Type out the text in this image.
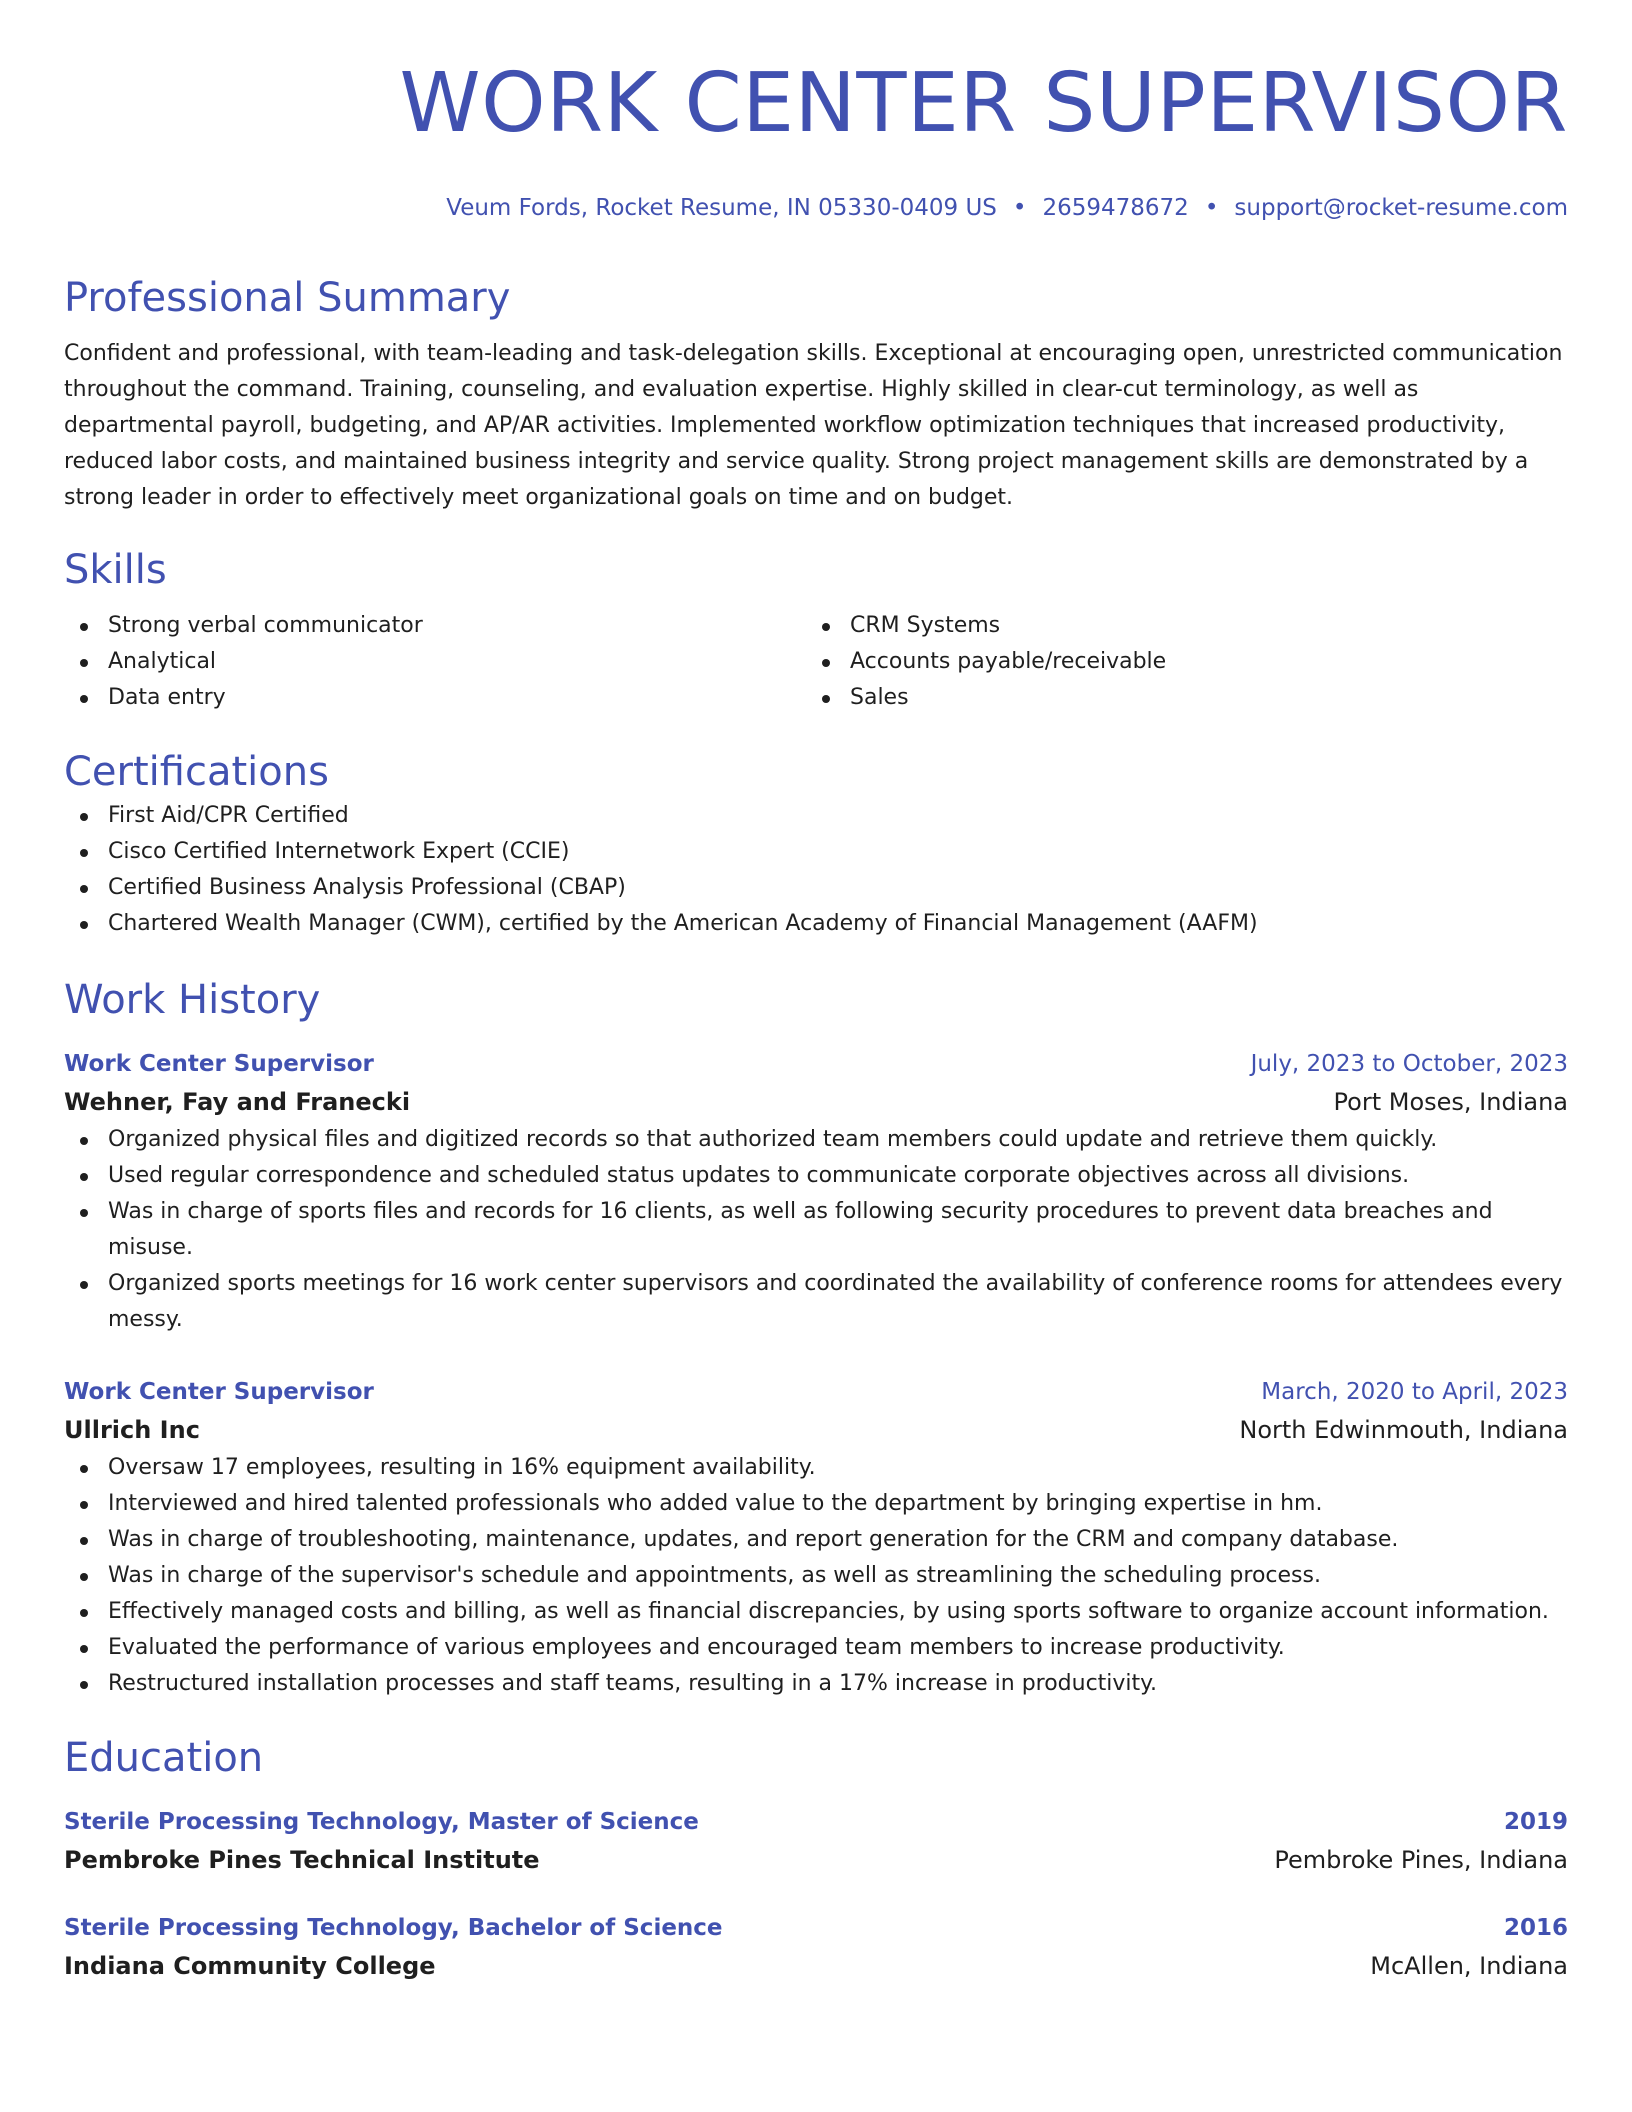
WORK CENTER SUPERVISOR
Veum Fords, Rocket Resume, IN 05330-0409 US • 2659478672 • support@rocket-resume.com
Professional Summary
Confident and professional, with team-leading and task-delegation skills. Exceptional at encouraging open, unrestricted communication throughout the command. Training, counseling, and evaluation expertise. Highly skilled in clear-cut terminology, as well as departmental payroll, budgeting, and AP/AR activities. Implemented workflow optimization techniques that increased productivity, reduced labor costs, and maintained business integrity and service quality. Strong project management skills are demonstrated by a strong leader in order to effectively meet organizational goals on time and on budget.
Skills
Strong verbal communicator
Analytical
Data entry
CRM Systems
Accounts payable/receivable
Sales
Certifications
First Aid/CPR Certified
Cisco Certified Internetwork Expert (CCIE)
Certified Business Analysis Professional (CBAP)
Chartered Wealth Manager (CWM), certified by the American Academy of Financial Management (AAFM)
Work History
Work Center Supervisor	July, 2023 to October, 2023
Wehner, Fay and Franecki	Port Moses, Indiana
Organized physical files and digitized records so that authorized team members could update and retrieve them quickly.
Used regular correspondence and scheduled status updates to communicate corporate objectives across all divisions.
Was in charge of sports files and records for 16 clients, as well as following security procedures to prevent data breaches and misuse.
Organized sports meetings for 16 work center supervisors and coordinated the availability of conference rooms for attendees every messy.
Work Center Supervisor	March, 2020 to April, 2023
Ullrich Inc	North Edwinmouth, Indiana
Oversaw 17 employees, resulting in 16% equipment availability.
Interviewed and hired talented professionals who added value to the department by bringing expertise in hm.
Was in charge of troubleshooting, maintenance, updates, and report generation for the CRM and company database.
Was in charge of the supervisor's schedule and appointments, as well as streamlining the scheduling process.
Effectively managed costs and billing, as well as financial discrepancies, by using sports software to organize account information.
Evaluated the performance of various employees and encouraged team members to increase productivity.
Restructured installation processes and staff teams, resulting in a 17% increase in productivity.
Education
Sterile Processing Technology, Master of Science	2019
Pembroke Pines Technical Institute	Pembroke Pines, Indiana
Sterile Processing Technology, Bachelor of Science	2016
Indiana Community College	McAllen, Indiana
